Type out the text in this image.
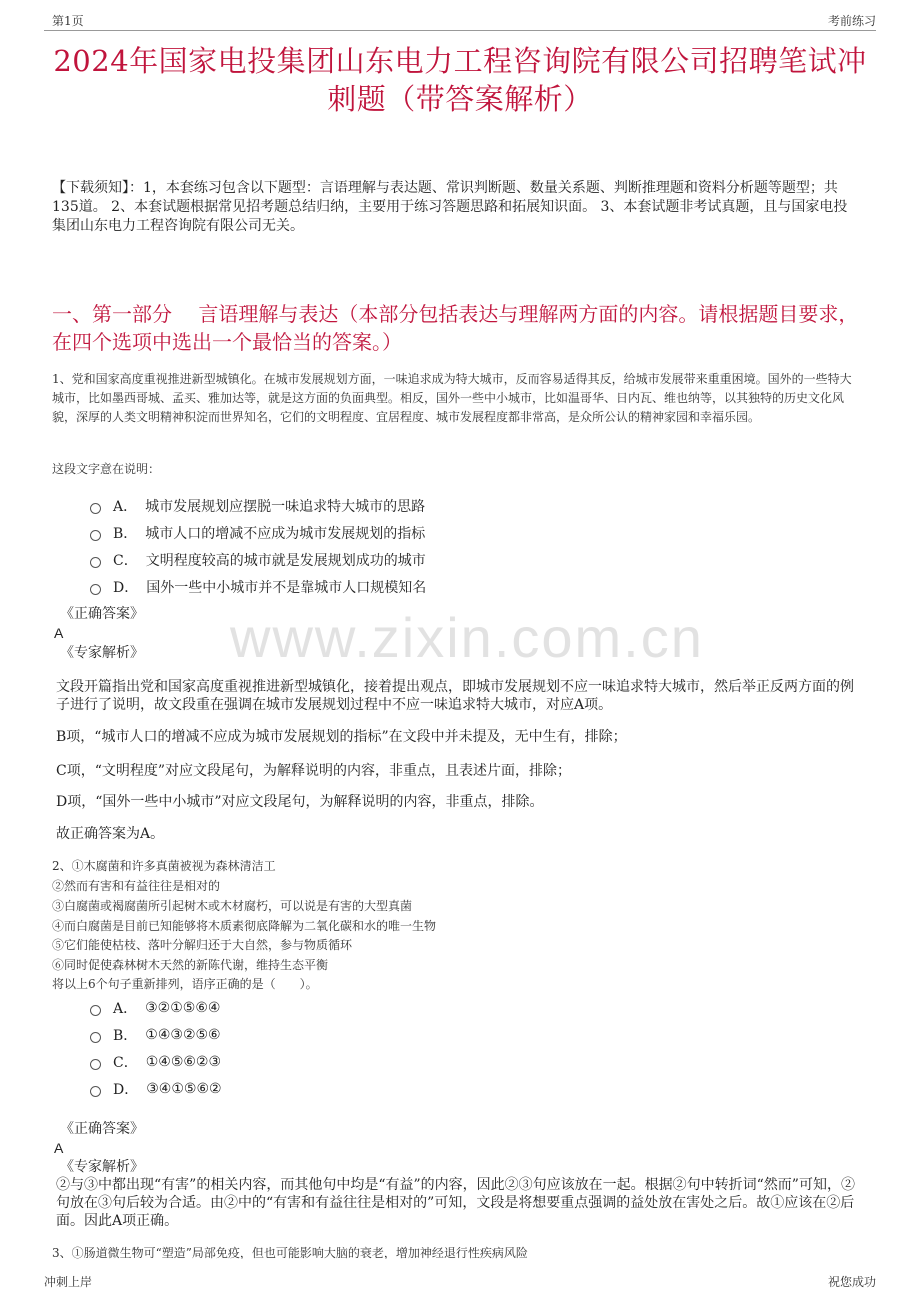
第1页	考前练习
2024年国家电投集团山东电力工程咨询院有限公司招聘笔试冲刺题（带答案解析）
【下载须知】：1，本套练习包含以下题型：言语理解与表达题、常识判断题、数量关系题、判断推理题和资料分析题等题型；共135道。 2、本套试题根据常见招考题总结归纳，主要用于练习答题思路和拓展知识面。 3、本套试题非考试真题，且与国家电投集团山东电力工程咨询院有限公司无关。
一、第一部分　 言语理解与表达（本部分包括表达与理解两方面的内容。请根据题目要求，在四个选项中选出一个最恰当的答案。）
1、党和国家高度重视推进新型城镇化。在城市发展规划方面，一味追求成为特大城市，反而容易适得其反，给城市发展带来重重困境。国外的一些特大城市，比如墨西哥城、孟买、雅加达等，就是这方面的负面典型。相反，国外一些中小城市，比如温哥华、日内瓦、维也纳等，以其独特的历史文化风貌，深厚的人类文明精神积淀而世界知名，它们的文明程度、宜居程度、城市发展程度都非常高，是众所公认的精神家园和幸福乐园。
这段文字意在说明：
A． 城市发展规划应摆脱一味追求特大城市的思路
B． 城市人口的增减不应成为城市发展规划的指标
C． 文明程度较高的城市就是发展规划成功的城市
D． 国外一些中小城市并不是靠城市人口规模知名
《正确答案》
A
《专家解析》 www.zixin.com.cn
文段开篇指出党和国家高度重视推进新型城镇化，接着提出观点，即城市发展规划不应一味追求特大城市，然后举正反两方面的例子进行了说明，故文段重在强调在城市发展规划过程中不应一味追求特大城市，对应A项。
B项，“城市人口的增减不应成为城市发展规划的指标”在文段中并未提及，无中生有，排除；
C项，“文明程度”对应文段尾句，为解释说明的内容，非重点，且表述片面，排除；
D项，“国外一些中小城市”对应文段尾句，为解释说明的内容，非重点，排除。
故正确答案为A。
2、①木腐菌和许多真菌被视为森林清洁工
②然而有害和有益往往是相对的
③白腐菌或褐腐菌所引起树木或木材腐朽，可以说是有害的大型真菌
④而白腐菌是目前已知能够将木质素彻底降解为二氧化碳和水的唯一生物
⑤它们能使枯枝、落叶分解归还于大自然，参与物质循环
⑥同时促使森林树木天然的新陈代谢，维持生态平衡
将以上6个句子重新排列，语序正确的是（　　）。
A． ③②①⑤⑥④
B． ①④③②⑤⑥
C． ①④⑤⑥②③
D． ③④①⑤⑥②
《正确答案》
A
《专家解析》
②与③中都出现“有害”的相关内容，而其他句中均是“有益”的内容，因此②③句应该放在一起。根据②句中转折词“然而”可知，②句放在③句后较为合适。由②中的“有害和有益往往是相对的”可知，文段是将想要重点强调的益处放在害处之后。故①应该在②后面。因此A项正确。
3、①肠道微生物可“塑造”局部免疫，但也可能影响大脑的衰老，增加神经退行性疾病风险
冲刺上岸	祝您成功
